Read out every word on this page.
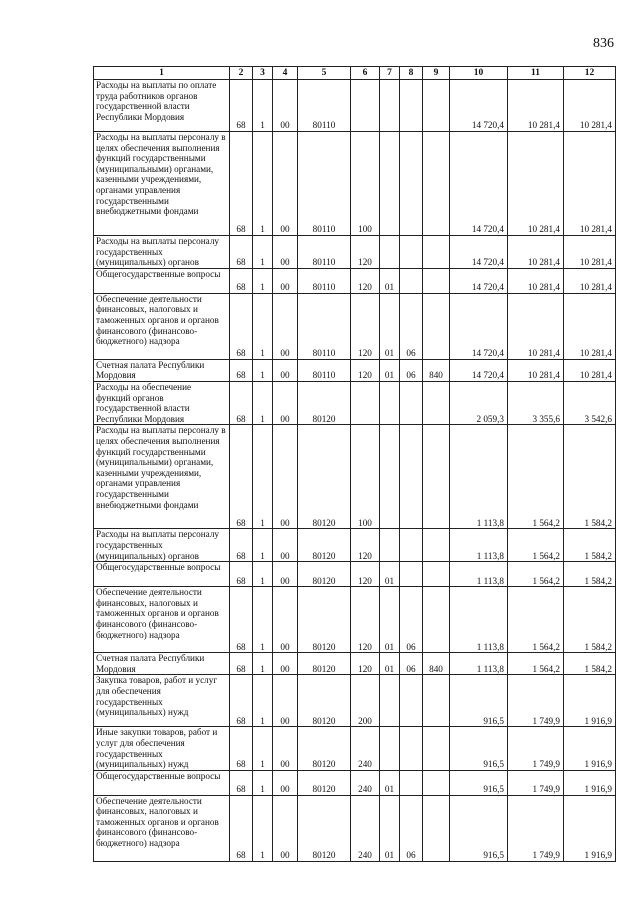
836
1	2	3	4	5	6	7	8	9	10	11	12

Расходы на выплаты по оплате труда работников органов государственной власти Республики Мордовия	68	1	00	80110					14 720,4	10 281,4	10 281,4

Расходы на выплаты персоналу в целях обеспечения выполнения функций государственными (муниципальными) органами, казенными учреждениями, органами управления государственными внебюджетными фондами	68	1	00	80110	100				14 720,4	10 281,4	10 281,4

Расходы на выплаты персоналу государственных (муниципальных) органов	68	1	00	80110	120				14 720,4	10 281,4	10 281,4

Общегосударственные вопросы	68	1	00	80110	120	01			14 720,4	10 281,4	10 281,4

Обеспечение деятельности финансовых, налоговых и таможенных органов и органов финансового (финансово-бюджетного) надзора	68	1	00	80110	120	01	06		14 720,4	10 281,4	10 281,4

Счетная палата Республики Мордовия	68	1	00	80110	120	01	06	840	14 720,4	10 281,4	10 281,4

Расходы на обеспечение функций органов государственной власти Республики Мордовия	68	1	00	80120					2 059,3	3 355,6	3 542,6

Расходы на выплаты персоналу в целях обеспечения выполнения функций государственными (муниципальными) органами, казенными учреждениями, органами управления государственными внебюджетными фондами	68	1	00	80120	100				1 113,8	1 564,2	1 584,2

Расходы на выплаты персоналу государственных (муниципальных) органов	68	1	00	80120	120				1 113,8	1 564,2	1 584,2

Общегосударственные вопросы	68	1	00	80120	120	01			1 113,8	1 564,2	1 584,2

Обеспечение деятельности финансовых, налоговых и таможенных органов и органов финансового (финансово-бюджетного) надзора	68	1	00	80120	120	01	06		1 113,8	1 564,2	1 584,2

Счетная палата Республики Мордовия	68	1	00	80120	120	01	06	840	1 113,8	1 564,2	1 584,2

Закупка товаров, работ и услуг для обеспечения государственных (муниципальных) нужд	68	1	00	80120	200				916,5	1 749,9	1 916,9

Иные закупки товаров, работ и услуг для обеспечения государственных (муниципальных) нужд	68	1	00	80120	240				916,5	1 749,9	1 916,9

Общегосударственные вопросы	68	1	00	80120	240	01			916,5	1 749,9	1 916,9

Обеспечение деятельности финансовых, налоговых и таможенных органов и органов финансового (финансово-бюджетного) надзора	68	1	00	80120	240	01	06		916,5	1 749,9	1 916,9
